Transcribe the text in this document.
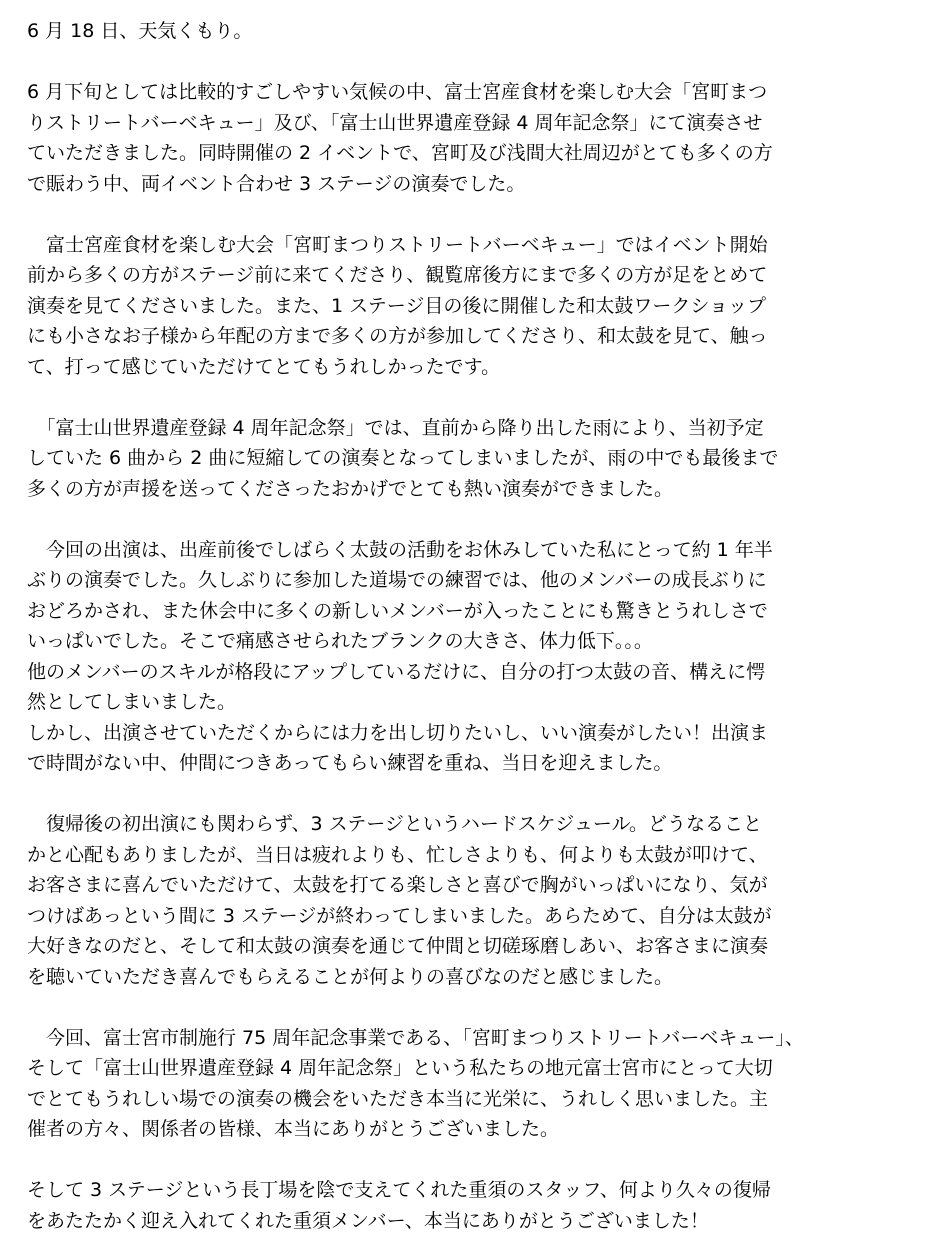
6 月 18 日、天気くもり。
6 月下旬としては比較的すごしやすい気候の中、富士宮産食材を楽しむ大会「宮町まつ
りストリートバーベキュー」及び、「富士山世界遺産登録 4 周年記念祭」にて演奏させ
ていただきました。同時開催の 2 イベントで、宮町及び浅間大社周辺がとても多くの方
で賑わう中、両イベント合わせ 3 ステージの演奏でした。
　富士宮産食材を楽しむ大会「宮町まつりストリートバーベキュー」ではイベント開始
前から多くの方がステージ前に来てくださり、観覧席後方にまで多くの方が足をとめて
演奏を見てくださいました。また、1 ステージ目の後に開催した和太鼓ワークショップ
にも小さなお子様から年配の方まで多くの方が参加してくださり、和太鼓を見て、触っ
て、打って感じていただけてとてもうれしかったです。
　「富士山世界遺産登録 4 周年記念祭」では、直前から降り出した雨により、当初予定
していた 6 曲から 2 曲に短縮しての演奏となってしまいましたが、雨の中でも最後まで
多くの方が声援を送ってくださったおかげでとても熱い演奏ができました。
　今回の出演は、出産前後でしばらく太鼓の活動をお休みしていた私にとって約 1 年半
ぶりの演奏でした。久しぶりに参加した道場での練習では、他のメンバーの成長ぶりに
おどろかされ、また休会中に多くの新しいメンバーが入ったことにも驚きとうれしさで
いっぱいでした。そこで痛感させられたブランクの大きさ、体力低下。。。
他のメンバーのスキルが格段にアップしているだけに、自分の打つ太鼓の音、構えに愕
然としてしまいました。
しかし、出演させていただくからには力を出し切りたいし、いい演奏がしたい！出演ま
で時間がない中、仲間につきあってもらい練習を重ね、当日を迎えました。
　復帰後の初出演にも関わらず、3 ステージというハードスケジュール。どうなること
かと心配もありましたが、当日は疲れよりも、忙しさよりも、何よりも太鼓が叩けて、
お客さまに喜んでいただけて、太鼓を打てる楽しさと喜びで胸がいっぱいになり、気が
つけばあっという間に 3 ステージが終わってしまいました。あらためて、自分は太鼓が
大好きなのだと、そして和太鼓の演奏を通じて仲間と切磋琢磨しあい、お客さまに演奏
を聴いていただき喜んでもらえることが何よりの喜びなのだと感じました。
　今回、富士宮市制施行 75 周年記念事業である、「宮町まつりストリートバーベキュー」、
そして「富士山世界遺産登録 4 周年記念祭」という私たちの地元富士宮市にとって大切
でとてもうれしい場での演奏の機会をいただき本当に光栄に、うれしく思いました。主
催者の方々、関係者の皆様、本当にありがとうございました。
そして 3 ステージという長丁場を陰で支えてくれた重須のスタッフ、何より久々の復帰
をあたたかく迎え入れてくれた重須メンバー、本当にありがとうございました！
